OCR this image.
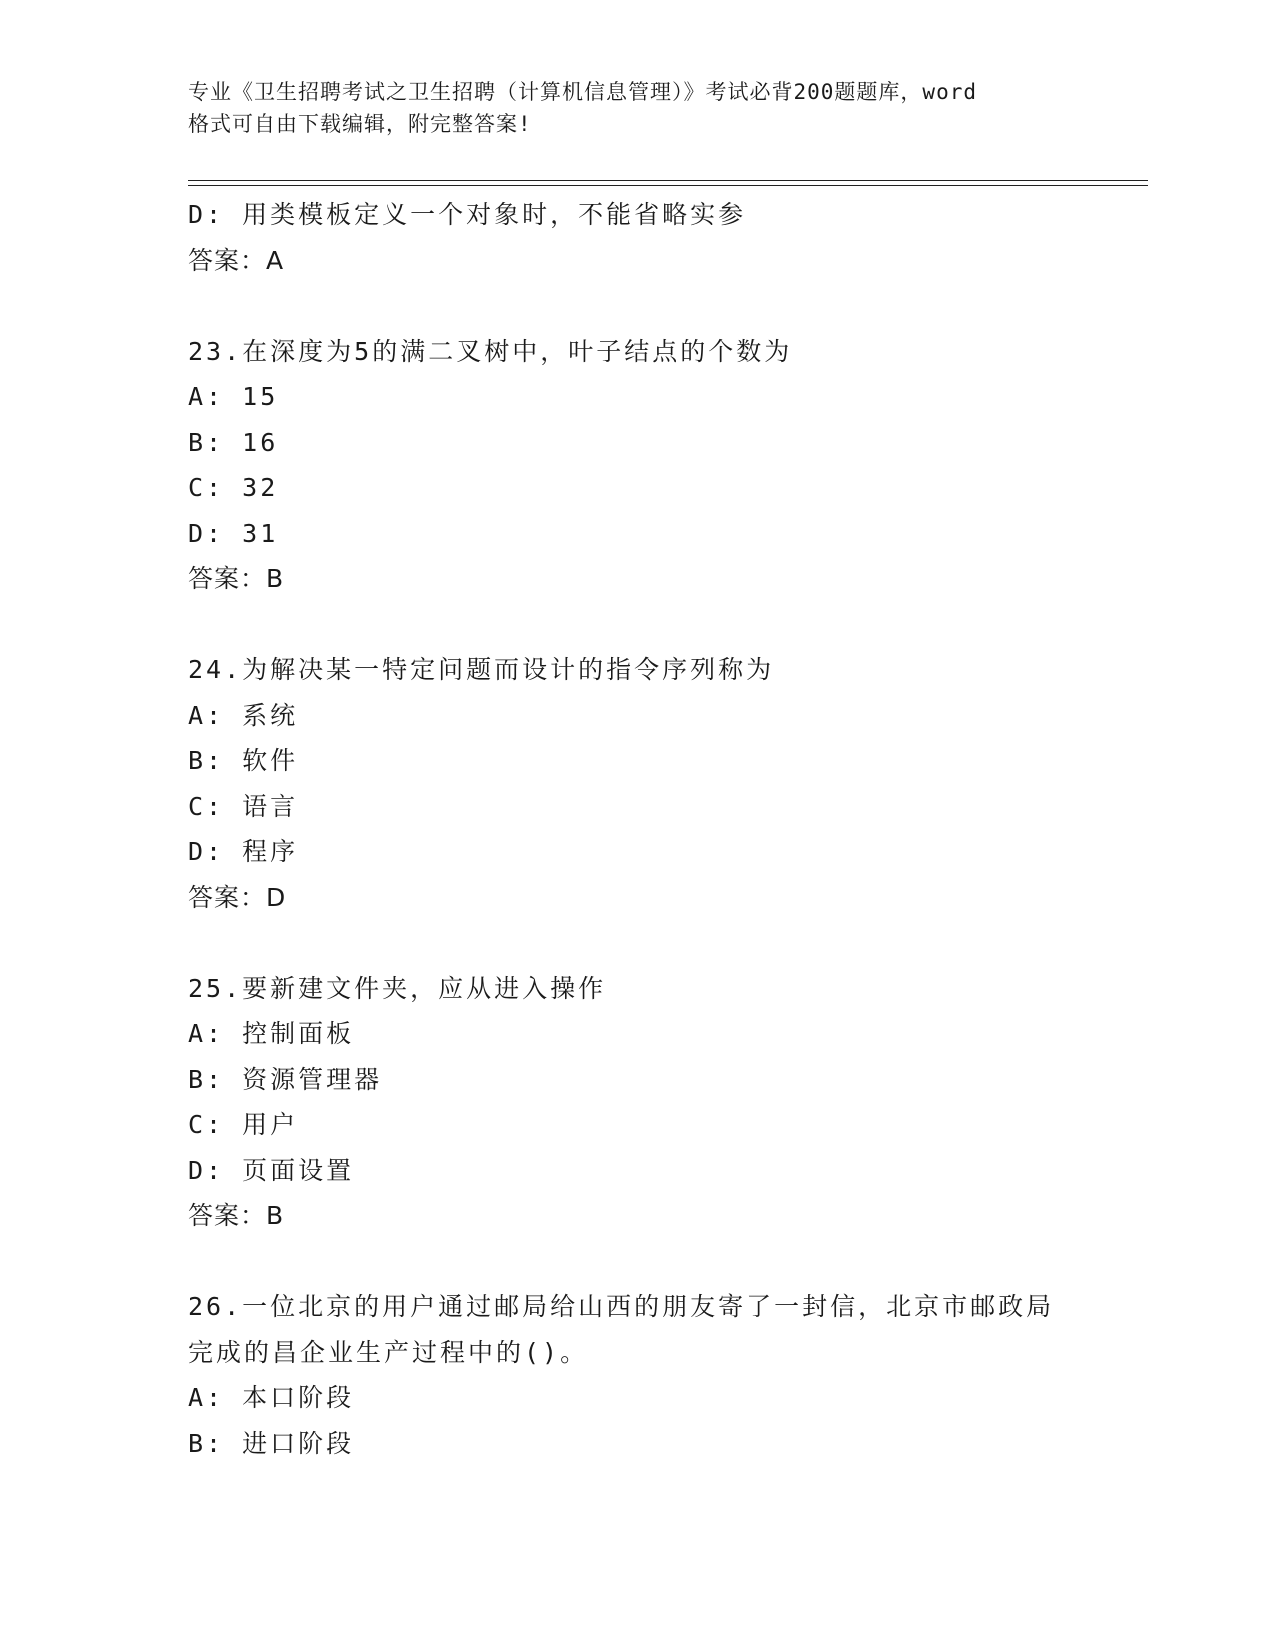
专业《卫生招聘考试之卫生招聘（计算机信息管理）》考试必背200题题库，word
格式可自由下载编辑，附完整答案!
D: 用类模板定义一个对象时，不能省略实参
答案：A
23.在深度为5的满二叉树中，叶子结点的个数为
A: 15
B: 16
C: 32
D: 31
答案：B
24.为解决某一特定问题而设计的指令序列称为
A: 系统
B: 软件
C: 语言
D: 程序
答案：D
25.要新建文件夹，应从进入操作
A: 控制面板
B: 资源管理器
C: 用户
D: 页面设置
答案：B
26.一位北京的用户通过邮局给山西的朋友寄了一封信，北京市邮政局
完成的昌企业生产过程中的()。
A: 本口阶段
B: 进口阶段
